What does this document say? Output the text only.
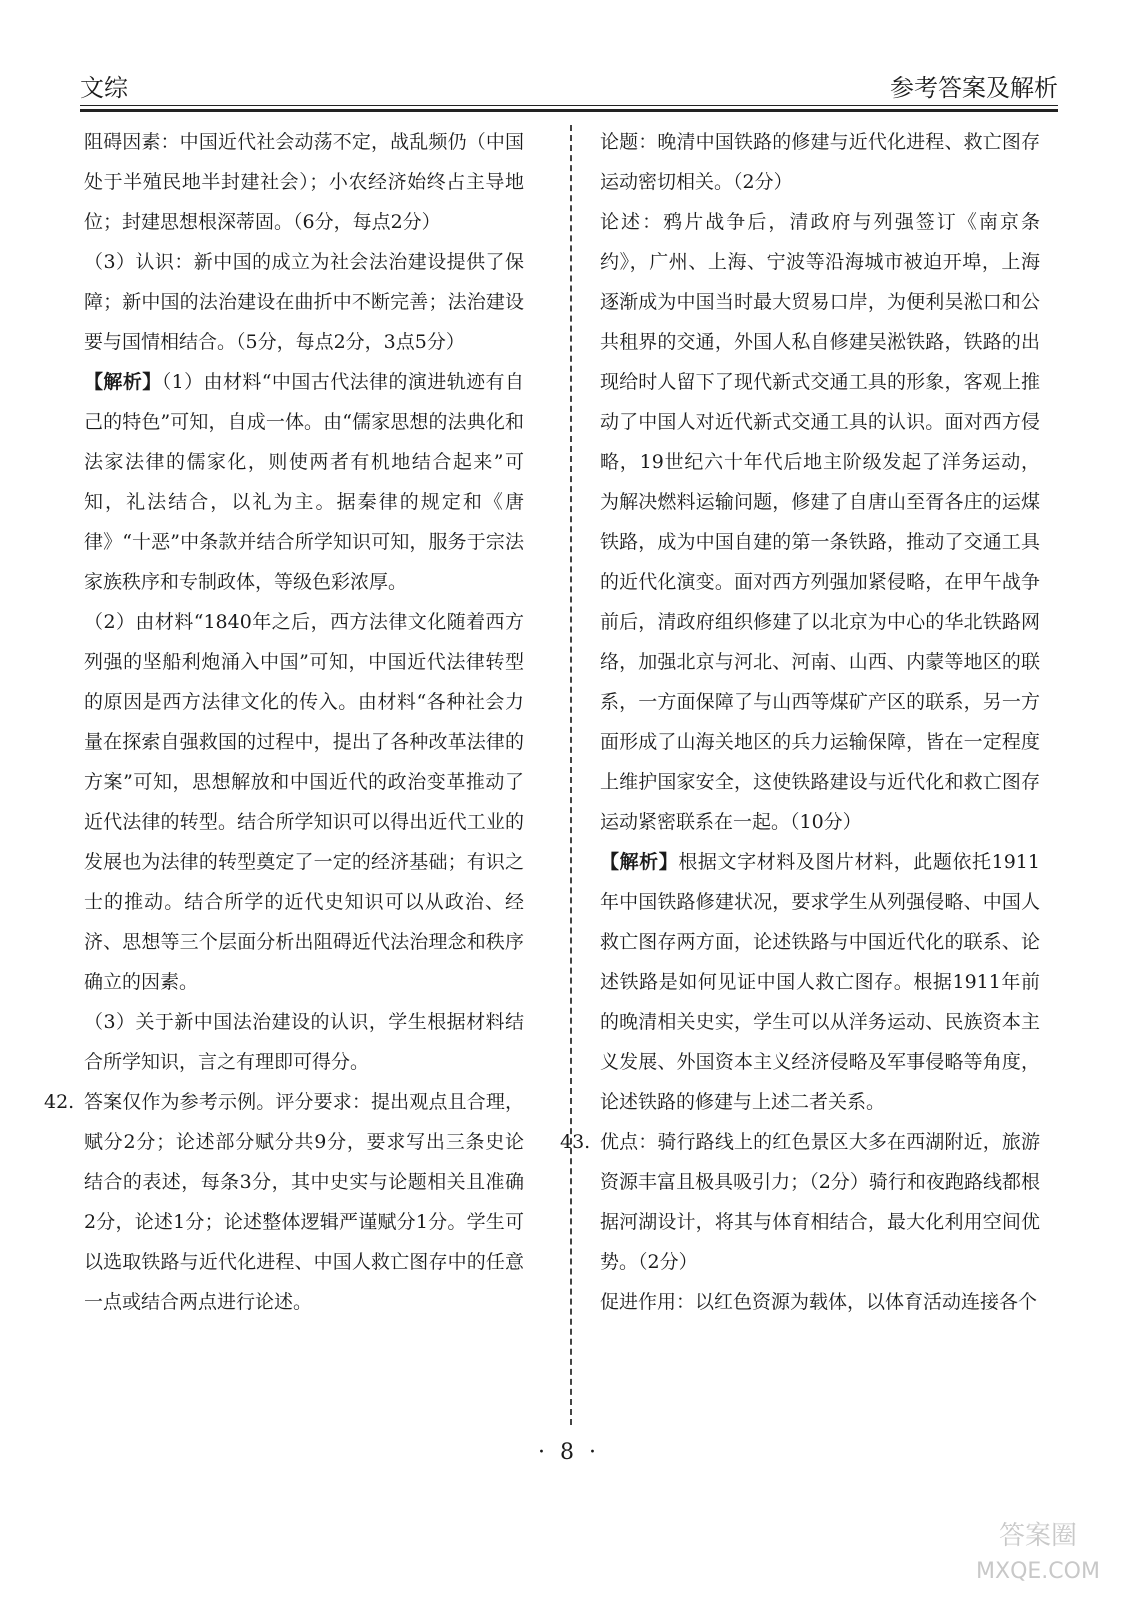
文综	参考答案及解析

阻碍因素：中国近代社会动荡不定，战乱频仍（中国处于半殖民地半封建社会）；小农经济始终占主导地位；封建思想根深蒂固。（6分，每点2分）

（3）认识：新中国的成立为社会法治建设提供了保障；新中国的法治建设在曲折中不断完善；法治建设要与国情相结合。（5分，每点2分，3点5分）

【解析】（1）由材料“中国古代法律的演进轨迹有自己的特色”可知，自成一体。由“儒家思想的法典化和法家法律的儒家化，则使两者有机地结合起来”可知，礼法结合，以礼为主。据秦律的规定和《唐律》“十恶”中条款并结合所学知识可知，服务于宗法家族秩序和专制政体，等级色彩浓厚。

（2）由材料“1840年之后，西方法律文化随着西方列强的坚船利炮涌入中国”可知，中国近代法律转型的原因是西方法律文化的传入。由材料“各种社会力量在探索自强救国的过程中，提出了各种改革法律的方案”可知，思想解放和中国近代的政治变革推动了近代法律的转型。结合所学知识可以得出近代工业的发展也为法律的转型奠定了一定的经济基础；有识之士的推动。结合所学的近代史知识可以从政治、经济、思想等三个层面分析出阻碍近代法治理念和秩序确立的因素。

（3）关于新中国法治建设的认识，学生根据材料结合所学知识，言之有理即可得分。

42. 答案仅作为参考示例。评分要求：提出观点且合理，赋分2分；论述部分赋分共9分，要求写出三条史论结合的表述，每条3分，其中史实与论题相关且准确2分，论述1分；论述整体逻辑严谨赋分1分。学生可以选取铁路与近代化进程、中国人救亡图存中的任意一点或结合两点进行论述。

论题：晚清中国铁路的修建与近代化进程、救亡图存运动密切相关。（2分）

论述：鸦片战争后，清政府与列强签订《南京条约》，广州、上海、宁波等沿海城市被迫开埠，上海逐渐成为中国当时最大贸易口岸，为便利吴淞口和公共租界的交通，外国人私自修建吴淞铁路，铁路的出现给时人留下了现代新式交通工具的形象，客观上推动了中国人对近代新式交通工具的认识。面对西方侵略，19世纪六十年代后地主阶级发起了洋务运动，为解决燃料运输问题，修建了自唐山至胥各庄的运煤铁路，成为中国自建的第一条铁路，推动了交通工具的近代化演变。面对西方列强加紧侵略，在甲午战争前后，清政府组织修建了以北京为中心的华北铁路网络，加强北京与河北、河南、山西、内蒙等地区的联系，一方面保障了与山西等煤矿产区的联系，另一方面形成了山海关地区的兵力运输保障，皆在一定程度上维护国家安全，这使铁路建设与近代化和救亡图存运动紧密联系在一起。（10分）

【解析】根据文字材料及图片材料，此题依托1911年中国铁路修建状况，要求学生从列强侵略、中国人救亡图存两方面，论述铁路与中国近代化的联系、论述铁路是如何见证中国人救亡图存。根据1911年前的晚清相关史实，学生可以从洋务运动、民族资本主义发展、外国资本主义经济侵略及军事侵略等角度，论述铁路的修建与上述二者关系。

43. 优点：骑行路线上的红色景区大多在西湖附近，旅游资源丰富且极具吸引力；（2分）骑行和夜跑路线都根据河湖设计，将其与体育相结合，最大化利用空间优势。（2分）

促进作用：以红色资源为载体，以体育活动连接各个

· 8 ·
答案圈
MXQE.COM
